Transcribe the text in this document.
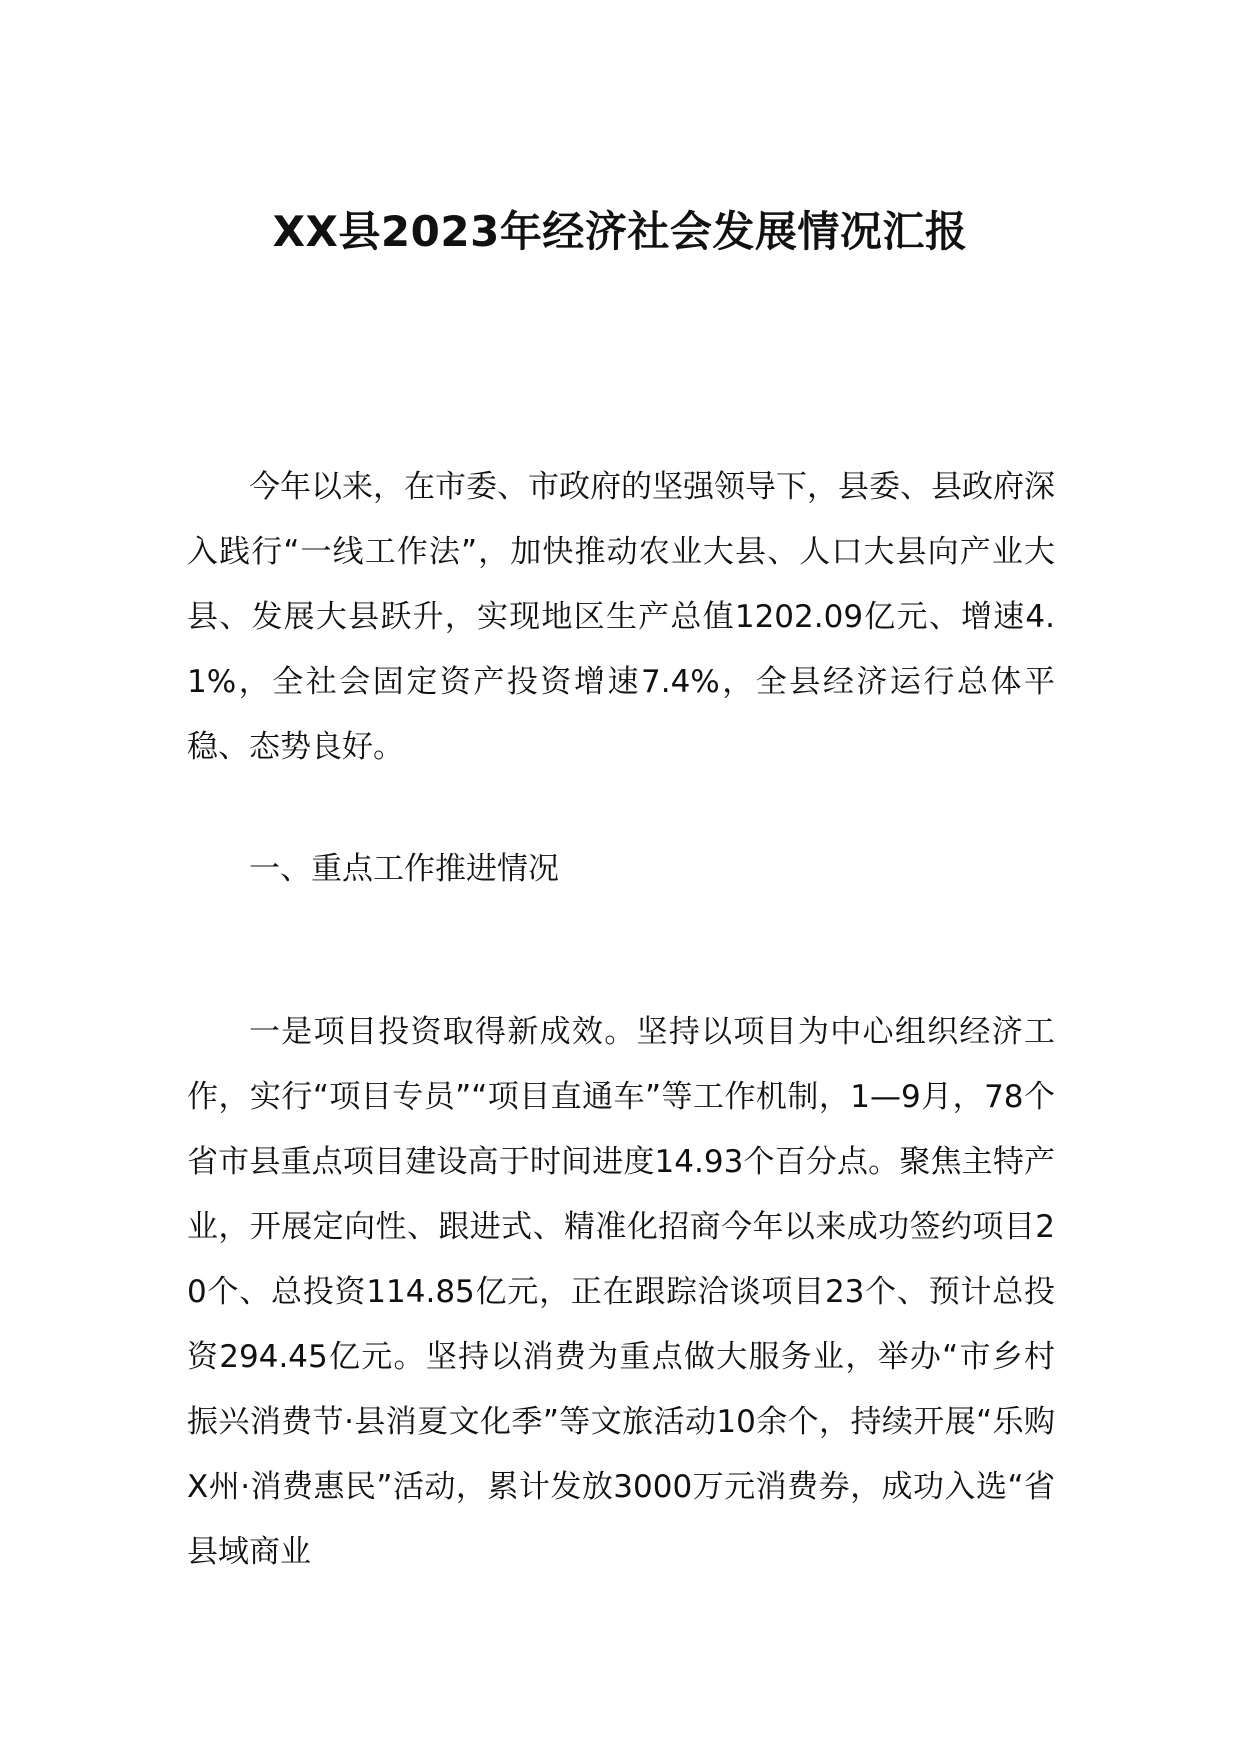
XX县2023年经济社会发展情况汇报

今年以来，在市委、市政府的坚强领导下，县委、县政府深入践行“一线工作法”，加快推动农业大县、人口大县向产业大县、发展大县跃升，实现地区生产总值1202.09亿元、增速4.1%，全社会固定资产投资增速7.4%，全县经济运行总体平稳、态势良好。

一、重点工作推进情况

一是项目投资取得新成效。坚持以项目为中心组织经济工作，实行“项目专员”“项目直通车”等工作机制，1—9月，78个省市县重点项目建设高于时间进度14.93个百分点。聚焦主特产业，开展定向性、跟进式、精准化招商今年以来成功签约项目20个、总投资114.85亿元，正在跟踪洽谈项目23个、预计总投资294.45亿元。坚持以消费为重点做大服务业，举办“市乡村振兴消费节·县消夏文化季”等文旅活动10余个，持续开展“乐购X州·消费惠民”活动，累计发放3000万元消费券，成功入选“省县域商业
